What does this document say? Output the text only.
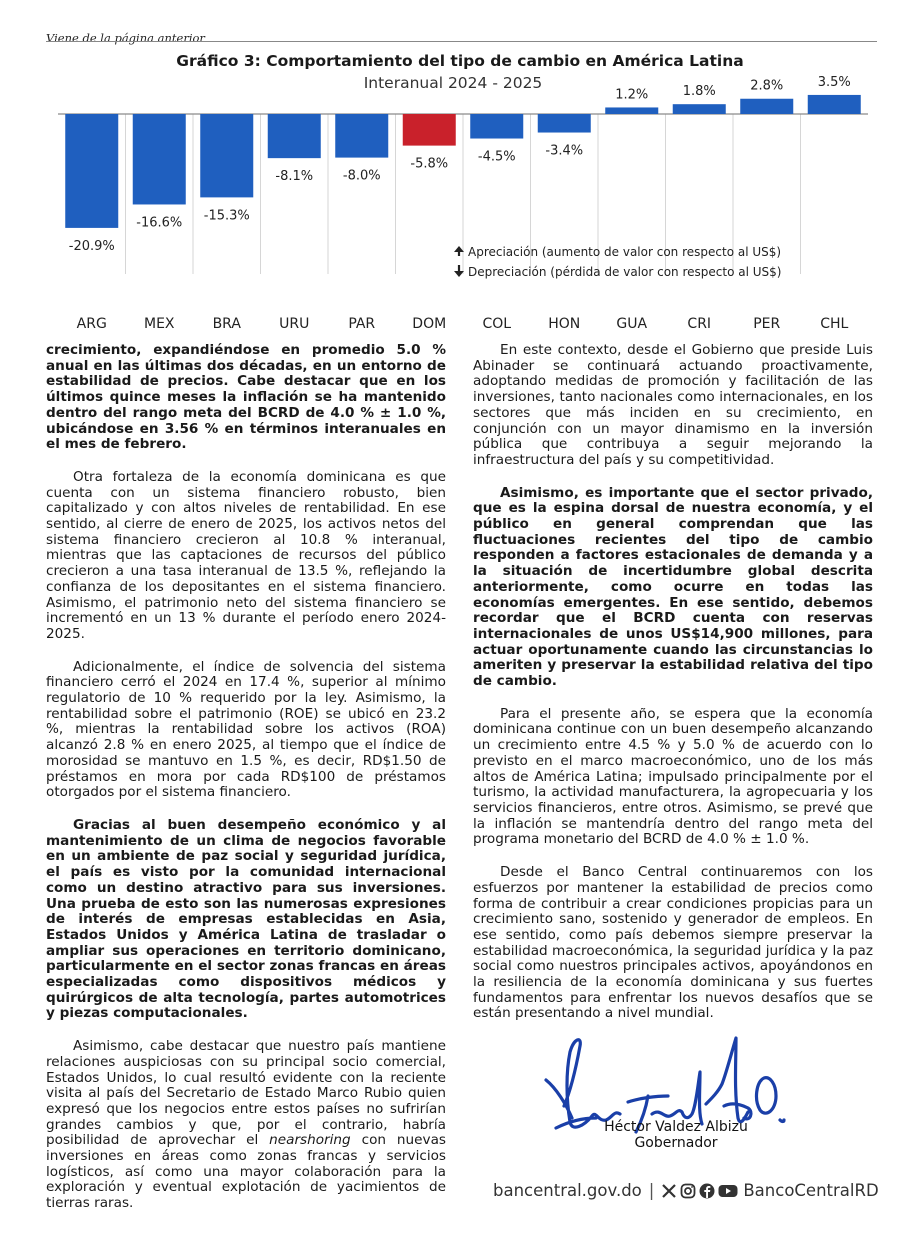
Viene de la página anterior
Gráfico 3: Comportamiento del tipo de cambio en América Latina
Interanual 2024 - 2025
-20.9%
-16.6% -15.3%
-8.1% -8.0%
-5.8% -4.5% -3.4%
1.2%	1.8%	2.8%	3.5%
ARG	MEX	BRA	URU	PAR	DOM	COL	HON	GUA	CRI	PER	CHL
Apreciación (aumento de valor con respecto al US$)
Depreciación (pérdida de valor con respecto al US$)

crecimiento, expandiéndose en promedio 5.0 % anual en las últimas dos décadas, en un entorno de estabilidad de precios. Cabe destacar que en los últimos quince meses la inflación se ha mantenido dentro del rango meta del BCRD de 4.0 % ± 1.0 %, ubicándose en 3.56 % en términos interanuales en el mes de febrero.

Otra fortaleza de la economía dominicana es que cuenta con un sistema financiero robusto, bien capitalizado y con altos niveles de rentabilidad. En ese sentido, al cierre de enero de 2025, los activos netos del sistema financiero crecieron al 10.8 % interanual, mientras que las captaciones de recursos del público crecieron a una tasa interanual de 13.5 %, reflejando la confianza de los depositantes en el sistema financiero. Asimismo, el patrimonio neto del sistema financiero se incrementó en un 13 % durante el período enero 2024-2025.

Adicionalmente, el índice de solvencia del sistema financiero cerró el 2024 en 17.4 %, superior al mínimo regulatorio de 10 % requerido por la ley. Asimismo, la rentabilidad sobre el patrimonio (ROE) se ubicó en 23.2 %, mientras la rentabilidad sobre los activos (ROA) alcanzó 2.8 % en enero 2025, al tiempo que el índice de morosidad se mantuvo en 1.5 %, es decir, RD$1.50 de préstamos en mora por cada RD$100 de préstamos otorgados por el sistema financiero.

Gracias al buen desempeño económico y al mantenimiento de un clima de negocios favorable en un ambiente de paz social y seguridad jurídica, el país es visto por la comunidad internacional como un destino atractivo para sus inversiones. Una prueba de esto son las numerosas expresiones de interés de empresas establecidas en Asia, Estados Unidos y América Latina de trasladar o ampliar sus operaciones en territorio dominicano, particularmente en el sector zonas francas en áreas especializadas como dispositivos médicos y quirúrgicos de alta tecnología, partes automotrices y piezas computacionales.

Asimismo, cabe destacar que nuestro país mantiene relaciones auspiciosas con su principal socio comercial, Estados Unidos, lo cual resultó evidente con la reciente visita al país del Secretario de Estado Marco Rubio quien expresó que los negocios entre estos países no sufrirían grandes cambios y que, por el contrario, habría posibilidad de aprovechar el nearshoring con nuevas inversiones en áreas como zonas francas y servicios logísticos, así como una mayor colaboración para la exploración y eventual explotación de yacimientos de tierras raras.

En este contexto, desde el Gobierno que preside Luis Abinader se continuará actuando proactivamente, adoptando medidas de promoción y facilitación de las inversiones, tanto nacionales como internacionales, en los sectores que más inciden en su crecimiento, en conjunción con un mayor dinamismo en la inversión pública que contribuya a seguir mejorando la infraestructura del país y su competitividad.

Asimismo, es importante que el sector privado, que es la espina dorsal de nuestra economía, y el público en general comprendan que las fluctuaciones recientes del tipo de cambio responden a factores estacionales de demanda y a la situación de incertidumbre global descrita anteriormente, como ocurre en todas las economías emergentes. En ese sentido, debemos recordar que el BCRD cuenta con reservas internacionales de unos US$14,900 millones, para actuar oportunamente cuando las circunstancias lo ameriten y preservar la estabilidad relativa del tipo de cambio.

Para el presente año, se espera que la economía dominicana continue con un buen desempeño alcanzando un crecimiento entre 4.5 % y 5.0 % de acuerdo con lo previsto en el marco macroeconómico, uno de los más altos de América Latina; impulsado principalmente por el turismo, la actividad manufacturera, la agropecuaria y los servicios financieros, entre otros. Asimismo, se prevé que la inflación se mantendría dentro del rango meta del programa monetario del BCRD de 4.0 % ± 1.0 %.

Desde el Banco Central continuaremos con los esfuerzos por mantener la estabilidad de precios como forma de contribuir a crear condiciones propicias para un crecimiento sano, sostenido y generador de empleos. En ese sentido, como país debemos siempre preservar la estabilidad macroeconómica, la seguridad jurídica y la paz social como nuestros principales activos, apoyándonos en la resiliencia de la economía dominicana y sus fuertes fundamentos para enfrentar los nuevos desafíos que se están presentando a nivel mundial.

Héctor Valdez Albizu
Gobernador
bancentral.gov.do |	BancoCentralRD
